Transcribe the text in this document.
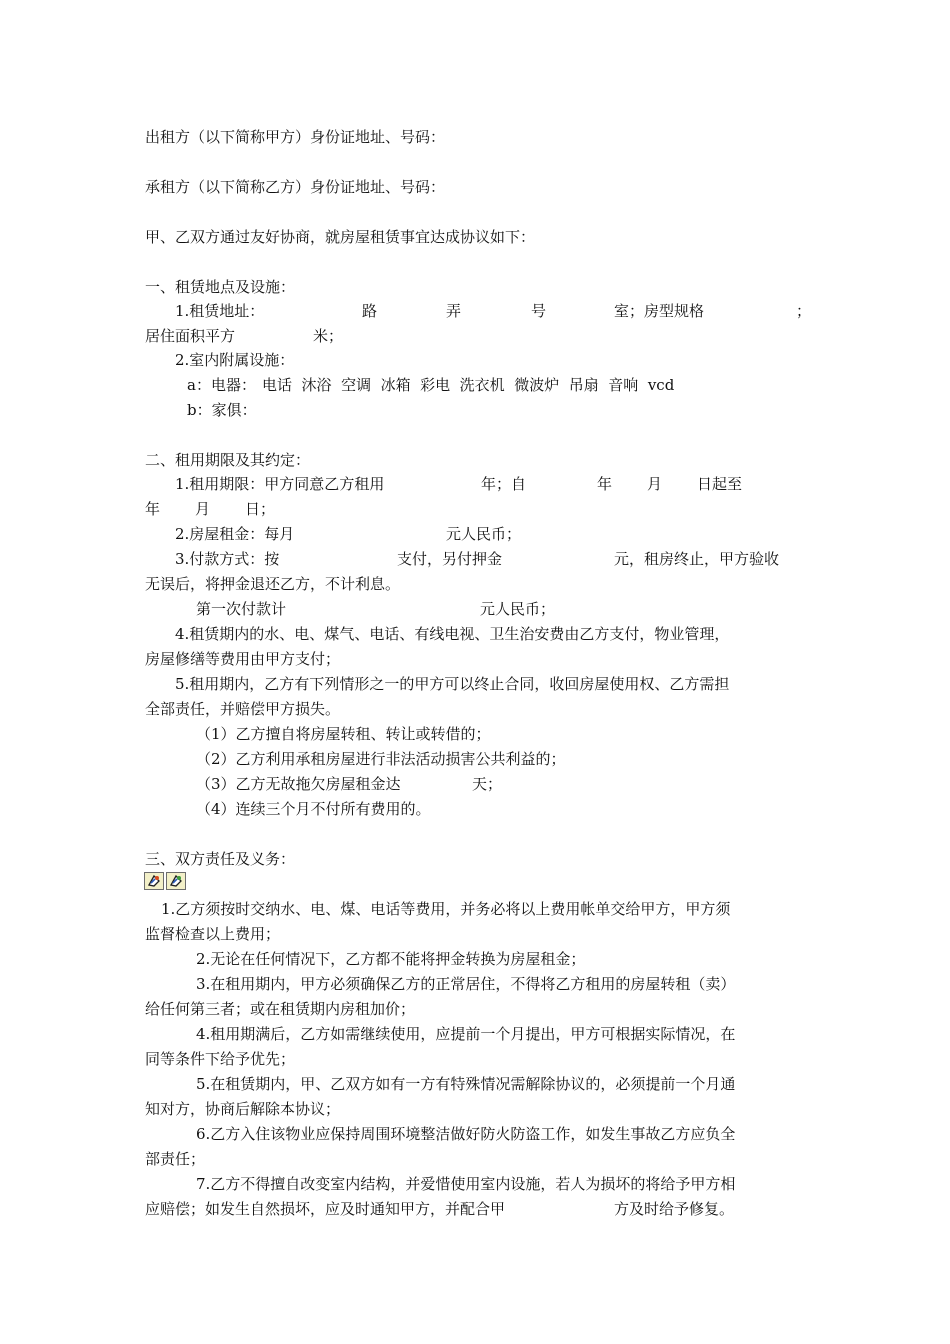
出租方（以下简称甲方）身份证地址、号码：
承租方（以下简称乙方）身份证地址、号码：
甲、乙双方通过友好协商，就房屋租赁事宜达成协议如下：
一、租赁地点及设施：
1.租赁地址：	路	弄	号	室；房型规格	；
居住面积平方	米；
2.室内附属设施：
a：电器： 电话  沐浴  空调  冰箱  彩电  洗衣机  微波炉  吊扇  音响  vcd
b：家俱：
二、租用期限及其约定：
1.租用期限：甲方同意乙方租用	年；自	年 月 日起至
年 月 日；
2.房屋租金：每月	元人民币；
3.付款方式：按	支付，另付押金	元，租房终止，甲方验收
无误后，将押金退还乙方，不计利息。
第一次付款计	元人民币；
4.租赁期内的水、电、煤气、电话、有线电视、卫生治安费由乙方支付，物业管理，
房屋修缮等费用由甲方支付；
5.租用期内，乙方有下列情形之一的甲方可以终止合同，收回房屋使用权、乙方需担
全部责任，并赔偿甲方损失。
（1）乙方擅自将房屋转租、转让或转借的；
（2）乙方利用承租房屋进行非法活动损害公共利益的；
（3）乙方无故拖欠房屋租金达	天；
（4）连续三个月不付所有费用的。
三、双方责任及义务：
1.乙方须按时交纳水、电、煤、电话等费用，并务必将以上费用帐单交给甲方，甲方须
监督检查以上费用；
2.无论在任何情况下，乙方都不能将押金转换为房屋租金；
3.在租用期内，甲方必须确保乙方的正常居住，不得将乙方租用的房屋转租（卖）
给任何第三者；或在租赁期内房租加价；
4.租用期满后，乙方如需继续使用，应提前一个月提出，甲方可根据实际情况，在
同等条件下给予优先；
5.在租赁期内，甲、乙双方如有一方有特殊情况需解除协议的，必须提前一个月通
知对方，协商后解除本协议；
6.乙方入住该物业应保持周围环境整洁做好防火防盗工作，如发生事故乙方应负全
部责任；
7.乙方不得擅自改变室内结构，并爱惜使用室内设施，若人为损坏的将给予甲方相
应赔偿；如发生自然损坏，应及时通知甲方，并配合甲	方及时给予修复。
